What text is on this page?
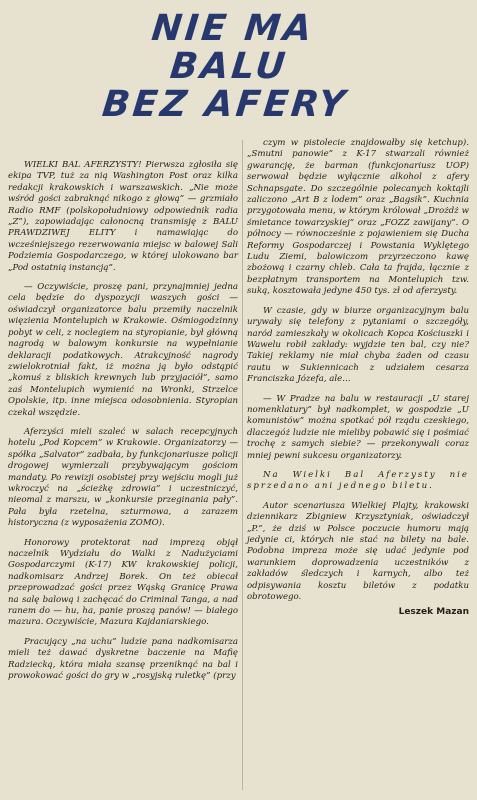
NIE MA
BALU
BEZ AFERY

WIELKI BAL AFERZYSTY! Pierwsza zgłosiła się ekipa TVP, tuż za nią Washington Post oraz kilka redakcji krakowskich i warszawskich. „Nie może wśród gości zabraknąć nikogo z głową” — grzmiało Radio RMF (polskopołudniowy odpowiednik radia „Z”), zapowiadając całonocną transmisję z BALU PRAWDZIWEJ ELITY i namawiając do wcześniejszego rezerwowania miejsc w balowej Sali Podziemia Gospodarczego, w której ulokowano bar „Pod ostatnią instancją”.

— Oczywiście, proszę pani, przynajmniej jedna cela będzie do dyspozycji waszych gości — oświadczył organizatorce balu przemiły naczelnik więzienia Montelupich w Krakowie. Ośmiogodzinny pobyt w celi, z noclegiem na styropianie, był główną nagrodą w balowym konkursie na wypełnianie deklaracji podatkowych. Atrakcyjność nagrody zwielokrotniał fakt, iż można ją było odstąpić „komuś z bliskich krewnych lub przyjaciół”, samo zaś Montelupich wymienić na Wronki, Strzelce Opolskie, itp. inne miejsca odosobnienia. Styropian czekał wszędzie.

Aferzyści mieli szaleć w salach recepcyjnych hotelu „Pod Kopcem” w Krakowie. Organizatorzy — spółka „Salvator” zadbała, by funkcjonariusze policji drogowej wymierzali przybywającym gościom mandaty. Po rewizji osobistej przy wejściu mogli już wkroczyć na „ścieżkę zdrowia” i uczestniczyć, nieomal z marszu, w „konkursie przeginania pały”. Pała była rzetelna, szturmowa, a zarazem historyczna (z wyposażenia ZOMO).

Honorowy protektorat nad imprezą objął naczelnik Wydziału do Walki z Nadużyciami Gospodarczymi (K-17) KW krakowskiej policji, nadkomisarz Andrzej Borek. On też obiecał przeprowadzać gości przez Wąską Granicę Prawa na salę balową i zachęcać do Criminal Tanga, a nad ranem do — hu, ha, panie proszą panów! — białego mazura. Oczywiście, Mazura Kajdaniarskiego.

Pracujący „na uchu” ludzie pana nadkomisarza mieli też dawać dyskretne baczenie na Mafię Radziecką, która miała szansę przeniknąć na bal i prowokować gości do gry w „rosyjską ruletkę” (przy

czym w pistolecie znajdowałby się ketchup). „Smutni panowie” z K-17 stwarzali również gwarancję, że barman (funkcjonariusz UOP) serwował będzie wyłącznie alkohol z afery Schnapsgate. Do szczególnie polecanych koktajli zaliczono „Art B z lodem” oraz „Bagsik”. Kuchnia przygotowała menu, w którym królował „Drożdż w śmietance towarzyskiej” oraz „FOZZ zawijany”. O północy — równocześnie z pojawieniem się Ducha Reformy Gospodarczej i Powstania Wyklętego Ludu Ziemi, balowiczom przyrzeczono kawę zbożową i czarny chleb. Cała ta frajda, łącznie z bezpłatnym transportem na Montelupich tzw. suką, kosztowała jedyne 450 tys. zł od aferzysty.

W czasie, gdy w biurze organizacyjnym balu urywały się telefony z pytaniami o szczegóły, naród zamieszkały w okolicach Kopca Kościuszki i Wawelu robił zakłady: wyjdzie ten bal, czy nie? Takiej reklamy nie miał chyba żaden od czasu rautu w Sukiennicach z udziałem cesarza Franciszka Józefa, ale...

— W Pradze na balu w restauracji „U starej nomenklatury” był nadkomplet, w gospodzie „U komunistów” można spotkać pół rządu czeskiego, dlaczegóż ludzie nie mieliby pobawić się i pośmiać trochę z samych siebie? — przekonywali coraz mniej pewni sukcesu organizatorzy.

Na Wielki Bal Aferzysty nie sprzedano ani jednego biletu.

Autor scenariusza Wielkiej Plajty, krakowski dziennikarz Zbigniew Krzysztyniak, oświadczył „P.”, że dziś w Polsce poczucie humoru mają jedynie ci, których nie stać na bilety na bale. Podobna impreza może się udać jedynie pod warunkiem doprowadzenia uczestników z zakładów śledczych i karnych, albo też odpisywania kosztu biletów z podatku obrotowego.

Leszek Mazan
